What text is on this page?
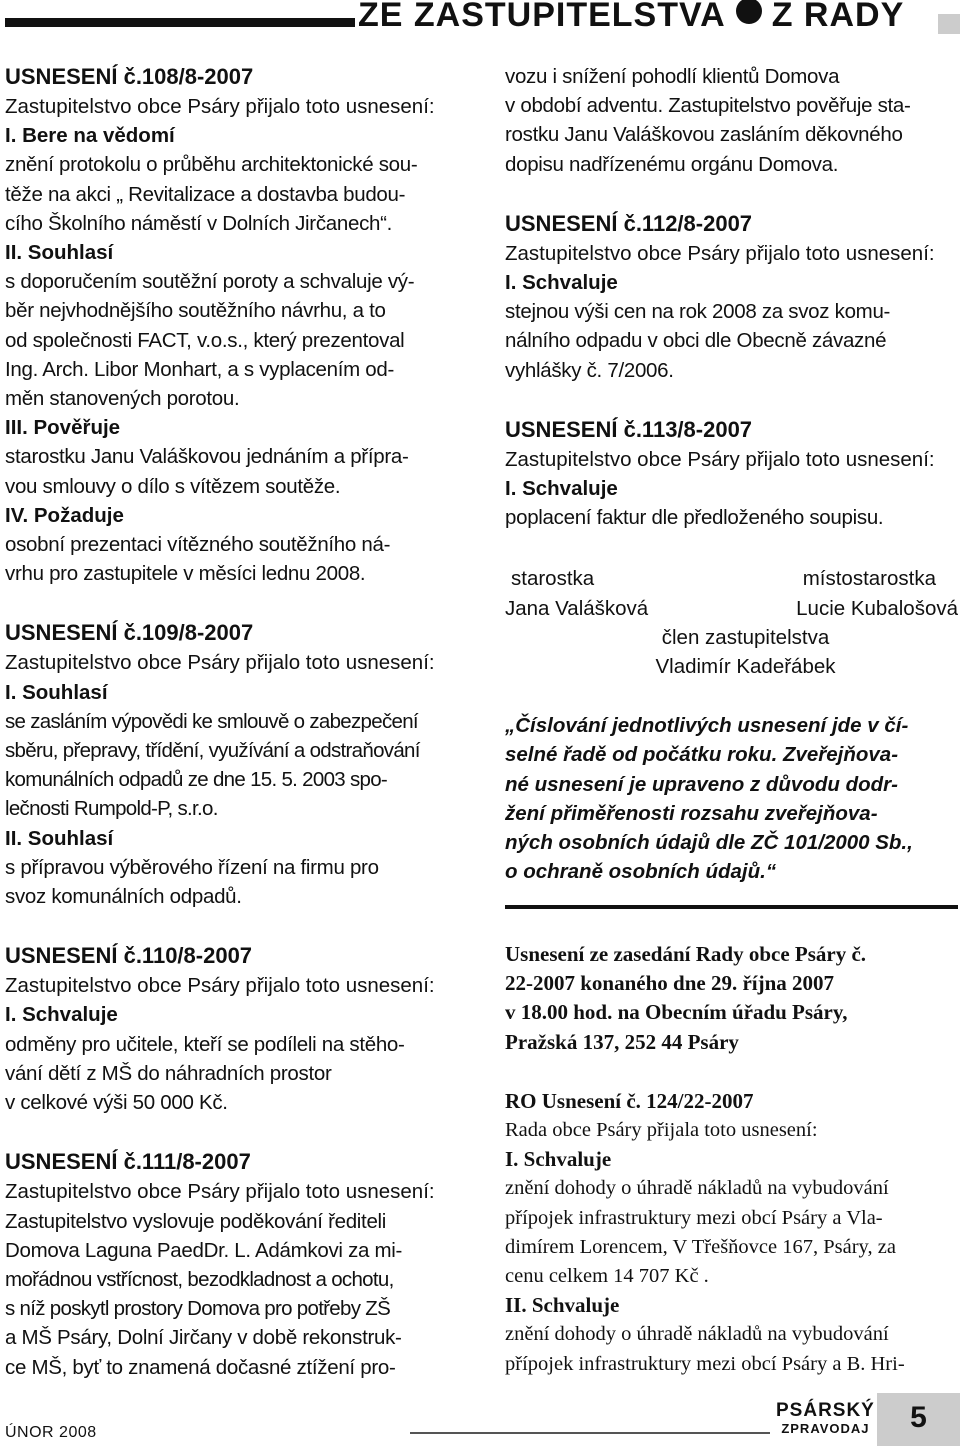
ZE ZASTUPITELSTVA Z RADY

USNESENÍ č.108/8-2007

Zastupitelstvo obce Psáry přijalo toto usnesení:

I. Bere na vědomí

znění protokolu o průběhu architektonické sou-

těže na akci „ Revitalizace a dostavba budou-

cího Školního náměstí v Dolních Jirčanech“.

II. Souhlasí

s doporučením soutěžní poroty a schvaluje vý-

běr nejvhodnějšího soutěžního návrhu, a to

od společnosti FACT, v.o.s., který prezentoval

Ing. Arch. Libor Monhart, a s vyplacením od-

měn stanovených porotou.

III. Pověřuje

starostku Janu Valáškovou jednáním a přípra-

vou smlouvy o dílo s vítězem soutěže.

IV. Požaduje

osobní prezentaci vítězného soutěžního ná-

vrhu pro zastupitele v měsíci lednu 2008.

USNESENÍ č.109/8-2007

Zastupitelstvo obce Psáry přijalo toto usnesení:

I. Souhlasí

se zasláním výpovědi ke smlouvě o zabezpečení

sběru, přepravy, třídění, využívání a odstraňování

komunálních odpadů ze dne 15. 5. 2003 spo-

lečnosti Rumpold-P, s.r.o.

II. Souhlasí

s přípravou výběrového řízení na firmu pro

svoz komunálních odpadů.

USNESENÍ č.110/8-2007

Zastupitelstvo obce Psáry přijalo toto usnesení:

I. Schvaluje

odměny pro učitele, kteří se podíleli na stěho-

vání dětí z MŠ do náhradních prostor

v celkové výši 50 000 Kč.

USNESENÍ č.111/8-2007

Zastupitelstvo obce Psáry přijalo toto usnesení:

Zastupitelstvo vyslovuje poděkování řediteli

Domova Laguna PaedDr. L. Adámkovi za mi-

mořádnou vstřícnost, bezodkladnost a ochotu,

s níž poskytl prostory Domova pro potřeby ZŠ

a MŠ Psáry, Dolní Jirčany v době rekonstruk-

ce MŠ, byť to znamená dočasné ztížení pro-

vozu i snížení pohodlí klientů Domova

v období adventu. Zastupitelstvo pověřuje sta-

rostku Janu Valáškovou zasláním děkovného

dopisu nadřízenému orgánu Domova.

USNESENÍ č.112/8-2007

Zastupitelstvo obce Psáry přijalo toto usnesení:

I. Schvaluje

stejnou výši cen na rok 2008 za svoz komu-

nálního odpadu v obci dle Obecně závazné

vyhlášky č. 7/2006.

USNESENÍ č.113/8-2007

Zastupitelstvo obce Psáry přijalo toto usnesení:

I. Schvaluje

poplacení faktur dle předloženého soupisu.

starostka	místostarostka
Jana Valášková	Lucie Kubalošová
člen zastupitelstva
Vladimír Kadeřábek

„Číslování jednotlivých usnesení jde v čí-

selné řadě od počátku roku. Zveřejňova-

né usnesení je upraveno z důvodu dodr-

žení přiměřenosti rozsahu zveřejňova-

ných osobních údajů dle ZČ 101/2000 Sb.,

o ochraně osobních údajů.“

Usnesení ze zasedání Rady obce Psáry č.

22-2007 konaného dne 29. října 2007

v 18.00 hod. na Obecním úřadu Psáry,

Pražská 137, 252 44 Psáry

RO Usnesení č. 124/22-2007

Rada obce Psáry přijala toto usnesení:

I. Schvaluje

znění dohody o úhradě nákladů na vybudování

přípojek infrastruktury mezi obcí Psáry a Vla-

dimírem Lorencem, V Třešňovce 167, Psáry, za

cenu celkem 14 707 Kč .

II. Schvaluje

znění dohody o úhradě nákladů na vybudování

přípojek infrastruktury mezi obcí Psáry a B. Hri-

ÚNOR 2008
PSÁRSKÝ
ZPRAVODAJ	5
